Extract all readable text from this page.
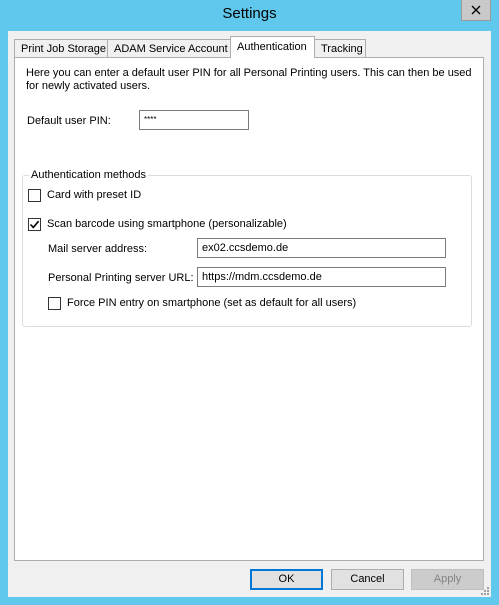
Settings
Print Job Storage ADAM Service Account Authentication	Tracking
Here you can enter a default user PIN for all Personal Printing users. This can then be used for newly activated users.
Default user PIN:	****
Authentication methods
Card with preset ID
Scan barcode using smartphone (personalizable)
Mail server address:	ex02.ccsdemo.de
Personal Printing server URL: https://mdm.ccsdemo.de
Force PIN entry on smartphone (set as default for all users)
OK	Cancel	Apply
